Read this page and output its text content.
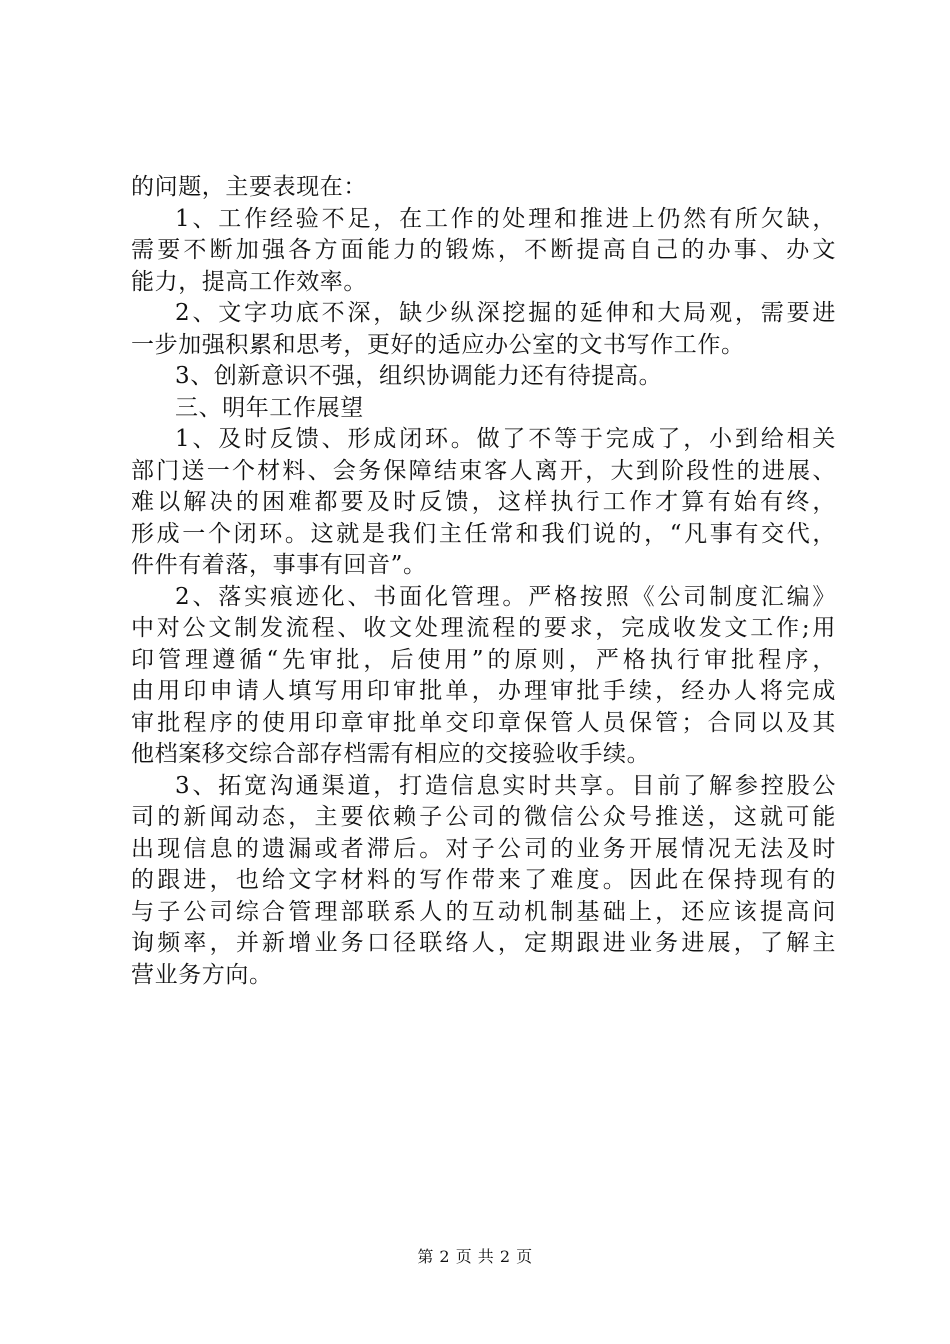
的问题，主要表现在：
1、工作经验不足，在工作的处理和推进上仍然有所欠缺，
需要不断加强各方面能力的锻炼，不断提高自己的办事、办文
能力，提高工作效率。
2、文字功底不深，缺少纵深挖掘的延伸和大局观，需要进
一步加强积累和思考，更好的适应办公室的文书写作工作。
3、创新意识不强，组织协调能力还有待提高。
三、明年工作展望
1、及时反馈、形成闭环。做了不等于完成了，小到给相关
部门送一个材料、会务保障结束客人离开，大到阶段性的进展、
难以解决的困难都要及时反馈，这样执行工作才算有始有终，
形成一个闭环。这就是我们主任常和我们说的，“凡事有交代，
件件有着落，事事有回音”。
2、落实痕迹化、书面化管理。严格按照《公司制度汇编》
中对公文制发流程、收文处理流程的要求，完成收发文工作;用
印管理遵循“先审批，后使用”的原则，严格执行审批程序，
由用印申请人填写用印审批单，办理审批手续，经办人将完成
审批程序的使用印章审批单交印章保管人员保管；合同以及其
他档案移交综合部存档需有相应的交接验收手续。
3、拓宽沟通渠道，打造信息实时共享。目前了解参控股公
司的新闻动态，主要依赖子公司的微信公众号推送，这就可能
出现信息的遗漏或者滞后。对子公司的业务开展情况无法及时
的跟进，也给文字材料的写作带来了难度。因此在保持现有的
与子公司综合管理部联系人的互动机制基础上，还应该提高问
询频率，并新增业务口径联络人，定期跟进业务进展，了解主
营业务方向。
第 2 页 共 2 页
